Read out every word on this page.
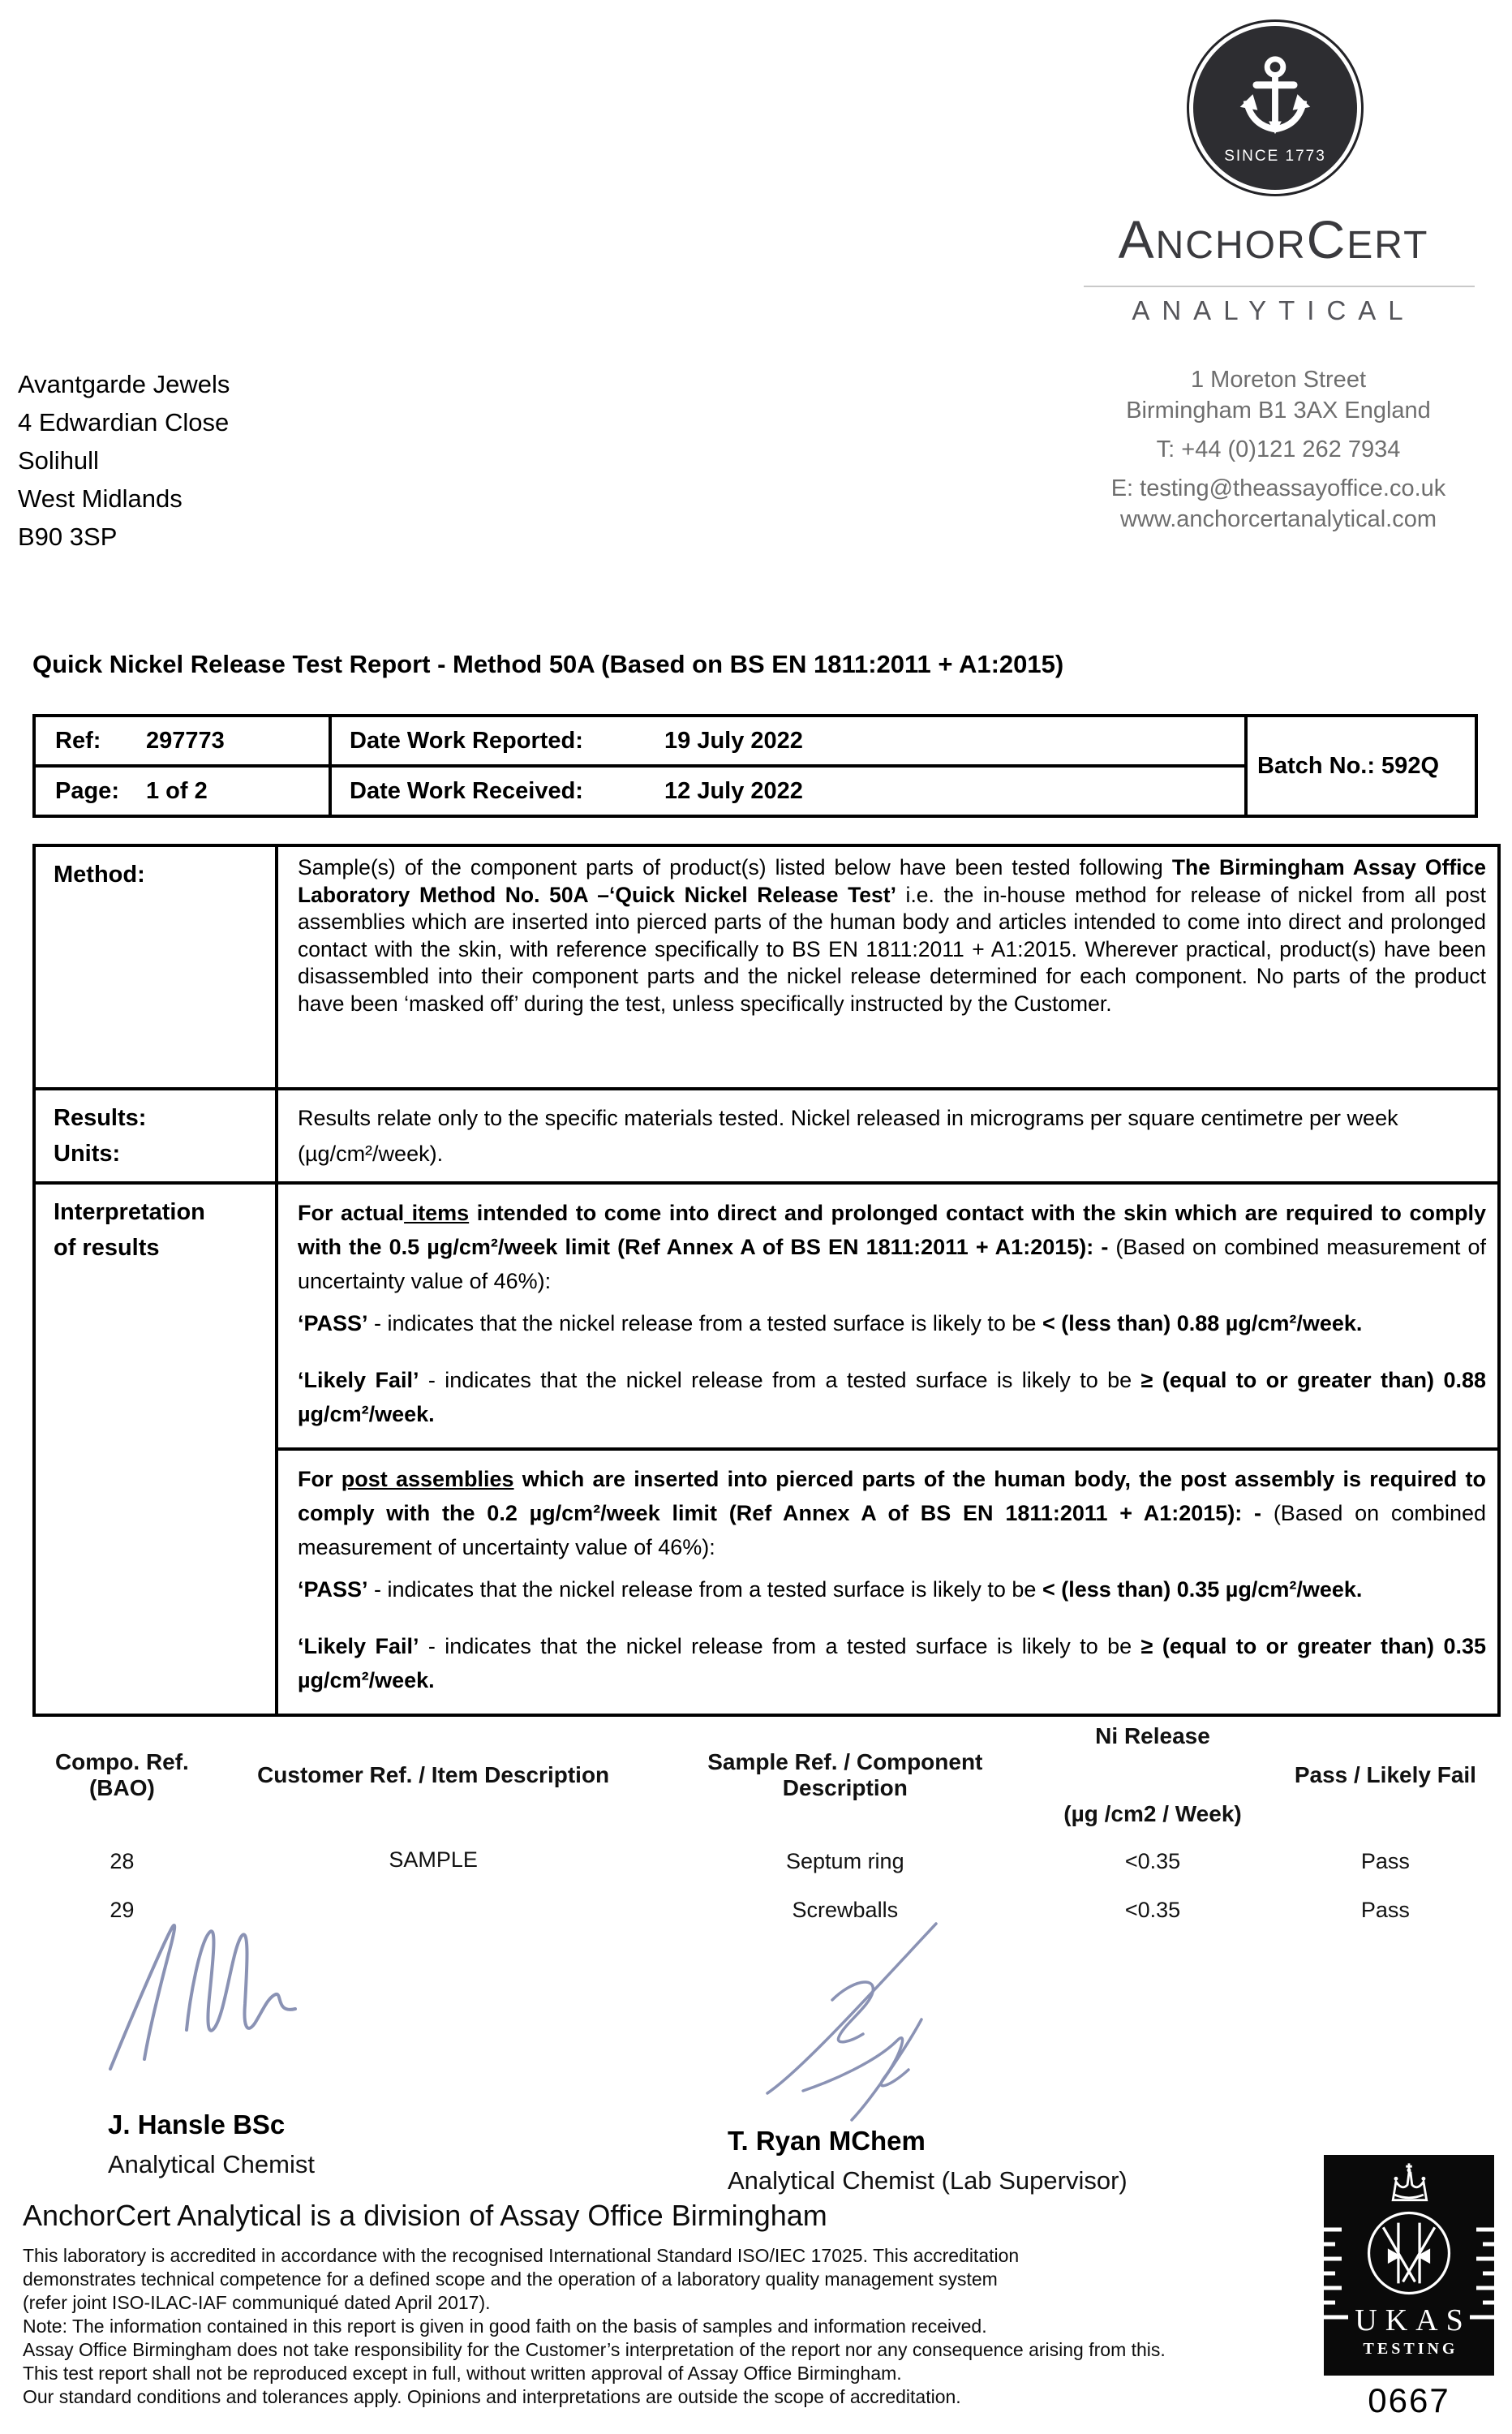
SINCE 1773
ANCHORCERT
ANALYTICAL
Avantgarde Jewels
4 Edwardian Close
Solihull
West Midlands
B90 3SP
1 Moreton Street
Birmingham B1 3AX England
T: +44 (0)121 262 7934
E: testing@theassayoffice.co.uk
www.anchorcertanalytical.com
Quick Nickel Release Test Report - Method 50A (Based on BS EN 1811:2011 + A1:2015)
Ref: 297773	Date Work Reported: 19 July 2022	Batch No.: 592Q
Page: 1 of 2	Date Work Received: 12 July 2022	
Method:	Sample(s) of the component parts of product(s) listed below have been tested following The Birmingham Assay Office Laboratory Method No. 50A –‘Quick Nickel Release Test’ i.e. the in-house method for release of nickel from all post assemblies which are inserted into pierced parts of the human body and articles intended to come into direct and prolonged contact with the skin, with reference specifically to BS EN 1811:2011 + A1:2015. Wherever practical, product(s) have been disassembled into their component parts and the nickel release determined for each component. No parts of the product have been ‘masked off’ during the test, unless specifically instructed by the Customer.

Results:
Units:	Results relate only to the specific materials tested. Nickel released in micrograms per square centimetre per week (µg/cm²/week).

Interpretation
of results

For actual items intended to come into direct and prolonged contact with the skin which are required to comply with the 0.5 µg/cm²/week limit (Ref Annex A of BS EN 1811:2011 + A1:2015): - (Based on combined measurement of uncertainty value of 46%):

‘PASS’ - indicates that the nickel release from a tested surface is likely to be < (less than) 0.88 µg/cm²/week.

‘Likely Fail’ - indicates that the nickel release from a tested surface is likely to be ≥ (equal to or greater than) 0.88 µg/cm²/week.

For post assemblies which are inserted into pierced parts of the human body, the post assembly is required to comply with the 0.2 µg/cm²/week limit (Ref Annex A of BS EN 1811:2011 + A1:2015): - (Based on combined measurement of uncertainty value of 46%):

‘PASS’ - indicates that the nickel release from a tested surface is likely to be < (less than) 0.35 µg/cm²/week.

‘Likely Fail’ - indicates that the nickel release from a tested surface is likely to be ≥ (equal to or greater than) 0.35 µg/cm²/week.

Compo. Ref.
(BAO)
	Customer Ref. / Item Description	
Sample Ref. / Component
Description

Ni Release
(µg /cm2 / Week)
	Pass / Likely Fail
28	SAMPLE	Septum ring	<0.35	Pass
29		Screwballs	<0.35	Pass
J. Hansle BSc
Analytical Chemist
T. Ryan MChem
Analytical Chemist (Lab Supervisor)
AnchorCert Analytical is a division of Assay Office Birmingham
This laboratory is accredited in accordance with the recognised International Standard ISO/IEC 17025. This accreditation
demonstrates technical competence for a defined scope and the operation of a laboratory quality management system
(refer joint ISO-ILAC-IAF communiqué dated April 2017).
Note: The information contained in this report is given in good faith on the basis of samples and information received.
Assay Office Birmingham does not take responsibility for the Customer’s interpretation of the report nor any consequence arising from this.
This test report shall not be reproduced except in full, without written approval of Assay Office Birmingham.
Our standard conditions and tolerances apply. Opinions and interpretations are outside the scope of accreditation.
UKAS
TESTING
0667
